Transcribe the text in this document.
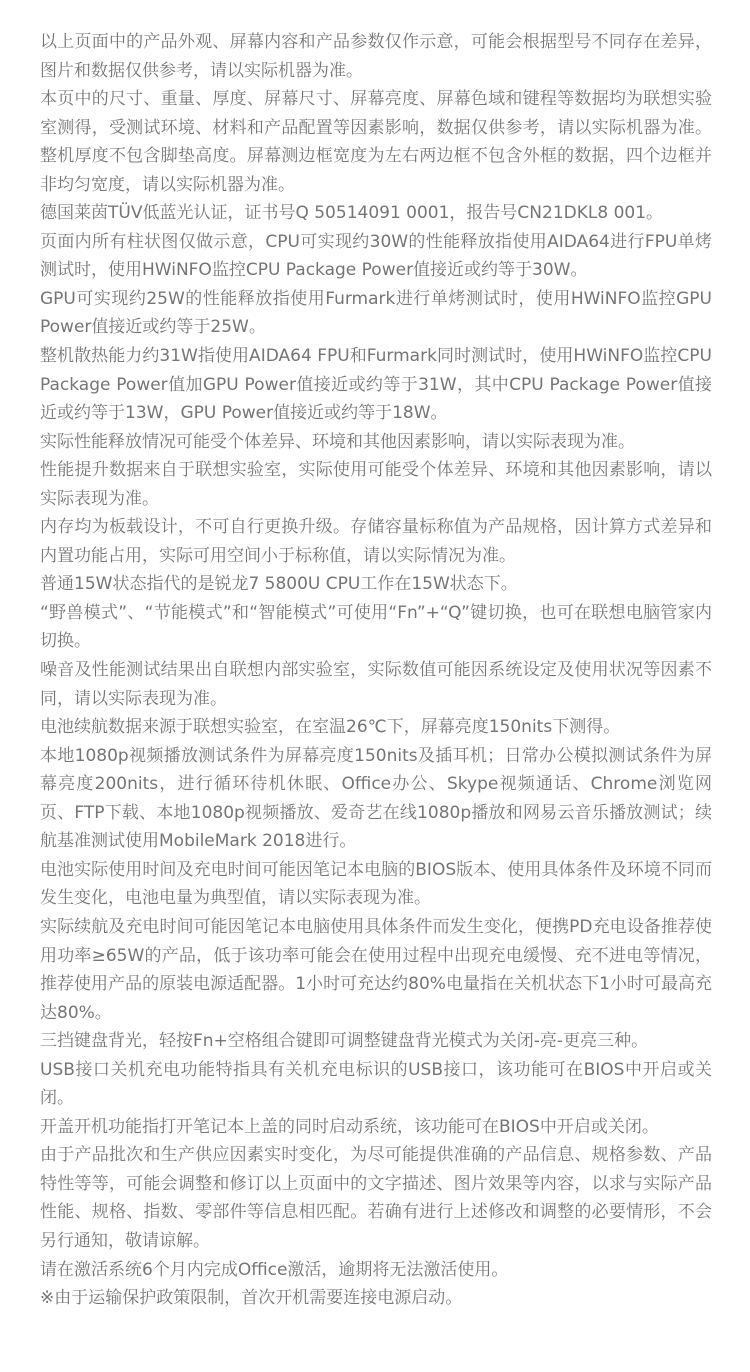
以上页面中的产品外观、屏幕内容和产品参数仅作示意，可能会根据型号不同存在差异，图片和数据仅供参考，请以实际机器为准。
本页中的尺寸、重量、厚度、屏幕尺寸、屏幕亮度、屏幕色域和键程等数据均为联想实验室测得，受测试环境、材料和产品配置等因素影响，数据仅供参考，请以实际机器为准。整机厚度不包含脚垫高度。屏幕测边框宽度为左右两边框不包含外框的数据，四个边框并非均匀宽度，请以实际机器为准。
德国莱茵TÜV低蓝光认证，证书号Q 50514091 0001，报告号CN21DKL8 001。
页面内所有柱状图仅做示意，CPU可实现约30W的性能释放指使用AIDA64进行FPU单烤测试时，使用HWiNFO监控CPU Package Power值接近或约等于30W。
GPU可实现约25W的性能释放指使用Furmark进行单烤测试时，使用HWiNFO监控GPU Power值接近或约等于25W。
整机散热能力约31W指使用AIDA64 FPU和Furmark同时测试时，使用HWiNFO监控CPU Package Power值加GPU Power值接近或约等于31W，其中CPU Package Power值接近或约等于13W，GPU Power值接近或约等于18W。
实际性能释放情况可能受个体差异、环境和其他因素影响，请以实际表现为准。
性能提升数据来自于联想实验室，实际使用可能受个体差异、环境和其他因素影响，请以实际表现为准。
内存均为板载设计，不可自行更换升级。存储容量标称值为产品规格，因计算方式差异和内置功能占用，实际可用空间小于标称值，请以实际情况为准。
普通15W状态指代的是锐龙7 5800U CPU工作在15W状态下。
“野兽模式”、“节能模式”和“智能模式”可使用“Fn”+“Q”键切换，也可在联想电脑管家内切换。
噪音及性能测试结果出自联想内部实验室，实际数值可能因系统设定及使用状况等因素不同，请以实际表现为准。
电池续航数据来源于联想实验室，在室温26℃下，屏幕亮度150nits下测得。
本地1080p视频播放测试条件为屏幕亮度150nits及插耳机；日常办公模拟测试条件为屏幕亮度200nits，进行循环待机休眠、Office办公、Skype视频通话、Chrome浏览网页、FTP下载、本地1080p视频播放、爱奇艺在线1080p播放和网易云音乐播放测试；续航基准测试使用MobileMark 2018进行。
电池实际使用时间及充电时间可能因笔记本电脑的BIOS版本、使用具体条件及环境不同而发生变化，电池电量为典型值，请以实际表现为准。
实际续航及充电时间可能因笔记本电脑使用具体条件而发生变化，便携PD充电设备推荐使用功率≥65W的产品，低于该功率可能会在使用过程中出现充电缓慢、充不进电等情况，推荐使用产品的原装电源适配器。1小时可充达约80%电量指在关机状态下1小时可最高充达80%。
三挡键盘背光，轻按Fn+空格组合键即可调整键盘背光模式为关闭-亮-更亮三种。
USB接口关机充电功能特指具有关机充电标识的USB接口，该功能可在BIOS中开启或关闭。
开盖开机功能指打开笔记本上盖的同时启动系统，该功能可在BIOS中开启或关闭。
由于产品批次和生产供应因素实时变化，为尽可能提供准确的产品信息、规格参数、产品特性等等，可能会调整和修订以上页面中的文字描述、图片效果等内容，以求与实际产品性能、规格、指数、零部件等信息相匹配。若确有进行上述修改和调整的必要情形，不会另行通知，敬请谅解。
请在激活系统6个月内完成Office激活，逾期将无法激活使用。
※由于运输保护政策限制，首次开机需要连接电源启动。
